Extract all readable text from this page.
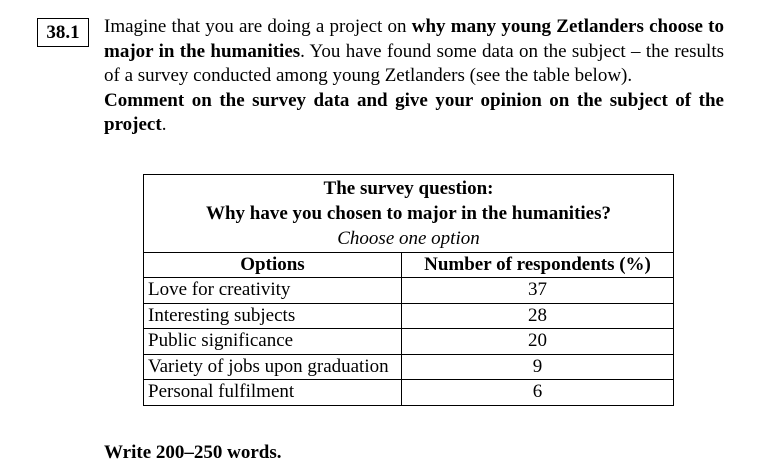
38.1	Imagine that you are doing a project on why many young Zetlanders choose to major in the humanities. You have found some data on the subject – the results of a survey conducted among young Zetlanders (see the table below).

Comment on the survey data and give your opinion on the subject of the project.

The survey question:
Why have you chosen to major in the humanities?
Choose one option	

Options	Number of respondents (%)
Love for creativity	37
Interesting subjects	28
Public significance	20
Variety of jobs upon graduation	9
Personal fulfilment	6
Write 200–250 words.
